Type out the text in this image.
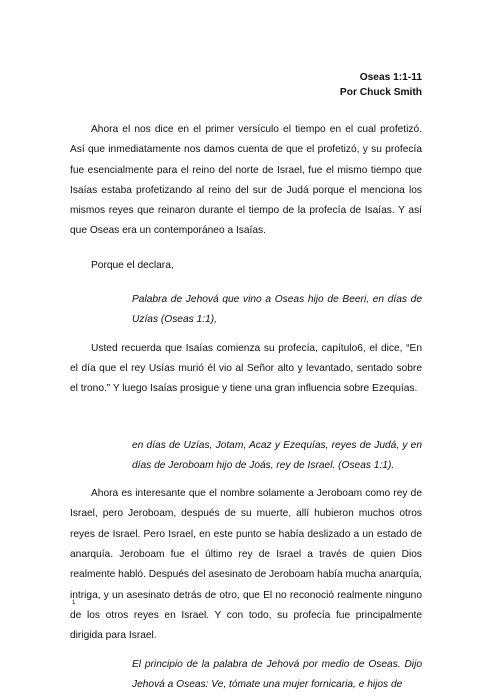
Oseas 1:1-11
Por Chuck Smith

Ahora el nos dice en el primer versículo el tiempo en el cual profetizó. Así que inmediatamente nos damos cuenta de que el profetizó, y su profecía fue esencialmente para el reino del norte de Israel, fue el mismo tiempo que Isaías estaba profetizando al reino del sur de Judá porque el menciona los mismos reyes que reinaron durante el tiempo de la profecía de Isaías. Y así que Oseas era un contemporáneo a Isaías.

Porque el declara,

Palabra de Jehová que vino a Oseas hijo de Beeri, en días de Uzías (Oseas 1:1),

Usted recuerda que Isaías comienza su profecía, capítulo6, el dice, “En el día que el rey Usías murió él vio al Señor alto y levantado, sentado sobre el trono.” Y luego Isaías prosigue y tiene una gran influencia sobre Ezequías.

en días de Uzías, Jotam, Acaz y Ezequías, reyes de Judá, y en días de Jeroboam hijo de Joás, rey de Israel. (Oseas 1:1).

Ahora es interesante que el nombre solamente a Jeroboam como rey de Israel, pero Jeroboam, después de su muerte, allí hubieron muchos otros reyes de Israel. Pero Israel, en este punto se había deslizado a un estado de anarquía. Jeroboam fue el último rey de Israel a través de quien Dios realmente habló. Después del asesinato de Jeroboam había mucha anarquía, intriga, y un asesinato detrás de otro, que El no reconoció realmente ninguno de los otros reyes en Israel. Y con todo, su profecía fue principalmente dirigida para Israel.

El principio de la palabra de Jehová por medio de Oseas. Dijo Jehová a Oseas: Ve, tómate una mujer fornicaria, e hijos de

1
